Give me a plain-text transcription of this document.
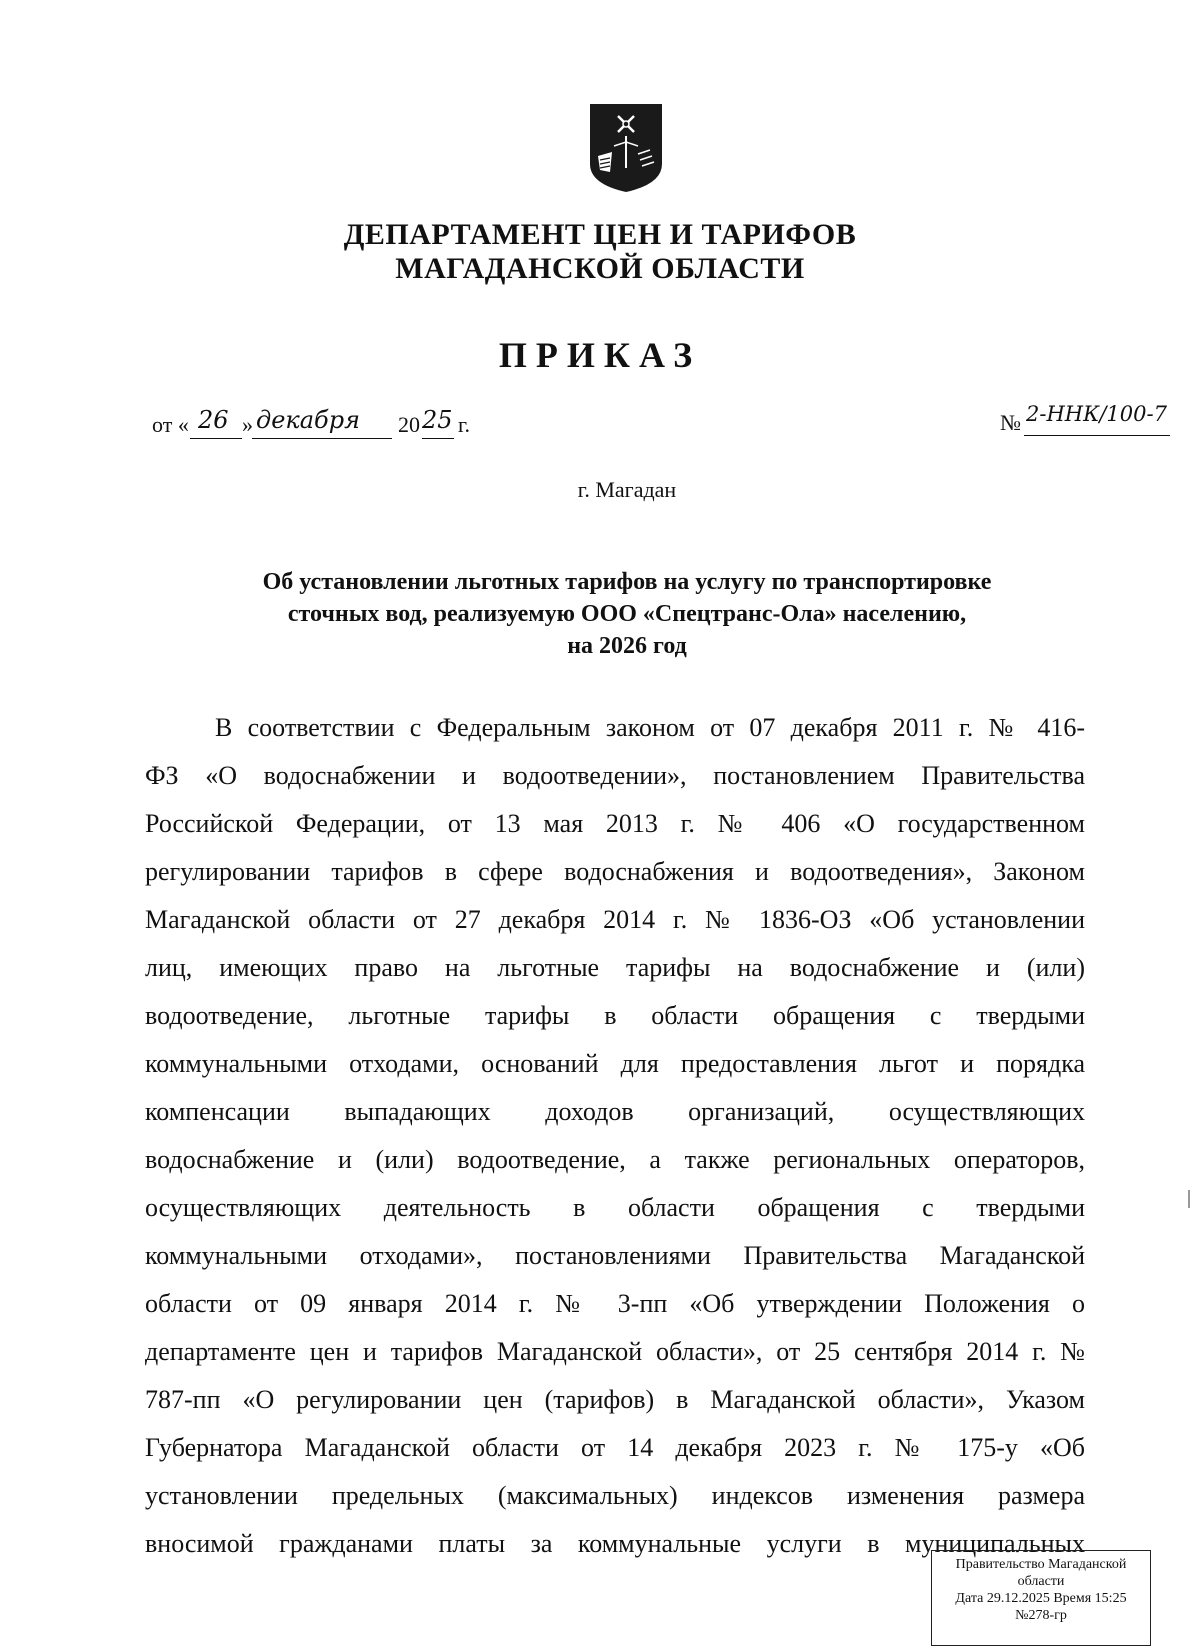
ДЕПАРТАМЕНТ ЦЕН И ТАРИФОВ
МАГАДАНСКОЙ ОБЛАСТИ
ПРИКАЗ
от « 26 » декабря 20 25 г.	№ 2-ННК/100-7
г. Магадан
Об установлении льготных тарифов на услугу по транспортировке
сточных вод, реализуемую ООО «Спецтранс-Ола» населению,
на 2026 год
В соответствии с Федеральным законом от 07 декабря 2011 г. № 416-
ФЗ «О водоснабжении и водоотведении», постановлением Правительства
Российской Федерации, от 13 мая 2013 г. № 406 «О государственном
регулировании тарифов в сфере водоснабжения и водоотведения», Законом
Магаданской области от 27 декабря 2014 г. № 1836-ОЗ «Об установлении
лиц, имеющих право на льготные тарифы на водоснабжение и (или)
водоотведение, льготные тарифы в области обращения с твердыми
коммунальными отходами, оснований для предоставления льгот и порядка
компенсации выпадающих доходов организаций, осуществляющих
водоснабжение и (или) водоотведение, а также региональных операторов,
осуществляющих деятельность в области обращения с твердыми
коммунальными отходами», постановлениями Правительства Магаданской
области от 09 января 2014 г. № 3-пп «Об утверждении Положения о
департаменте цен и тарифов Магаданской области», от 25 сентября 2014 г. №
787-пп «О регулировании цен (тарифов) в Магаданской области», Указом
Губернатора Магаданской области от 14 декабря 2023 г. № 175-у «Об
установлении предельных (максимальных) индексов изменения размера
вносимой гражданами платы за коммунальные услуги в муниципальных
Правительство Магаданской
области
Дата 29.12.2025 Время 15:25
№278-гр
